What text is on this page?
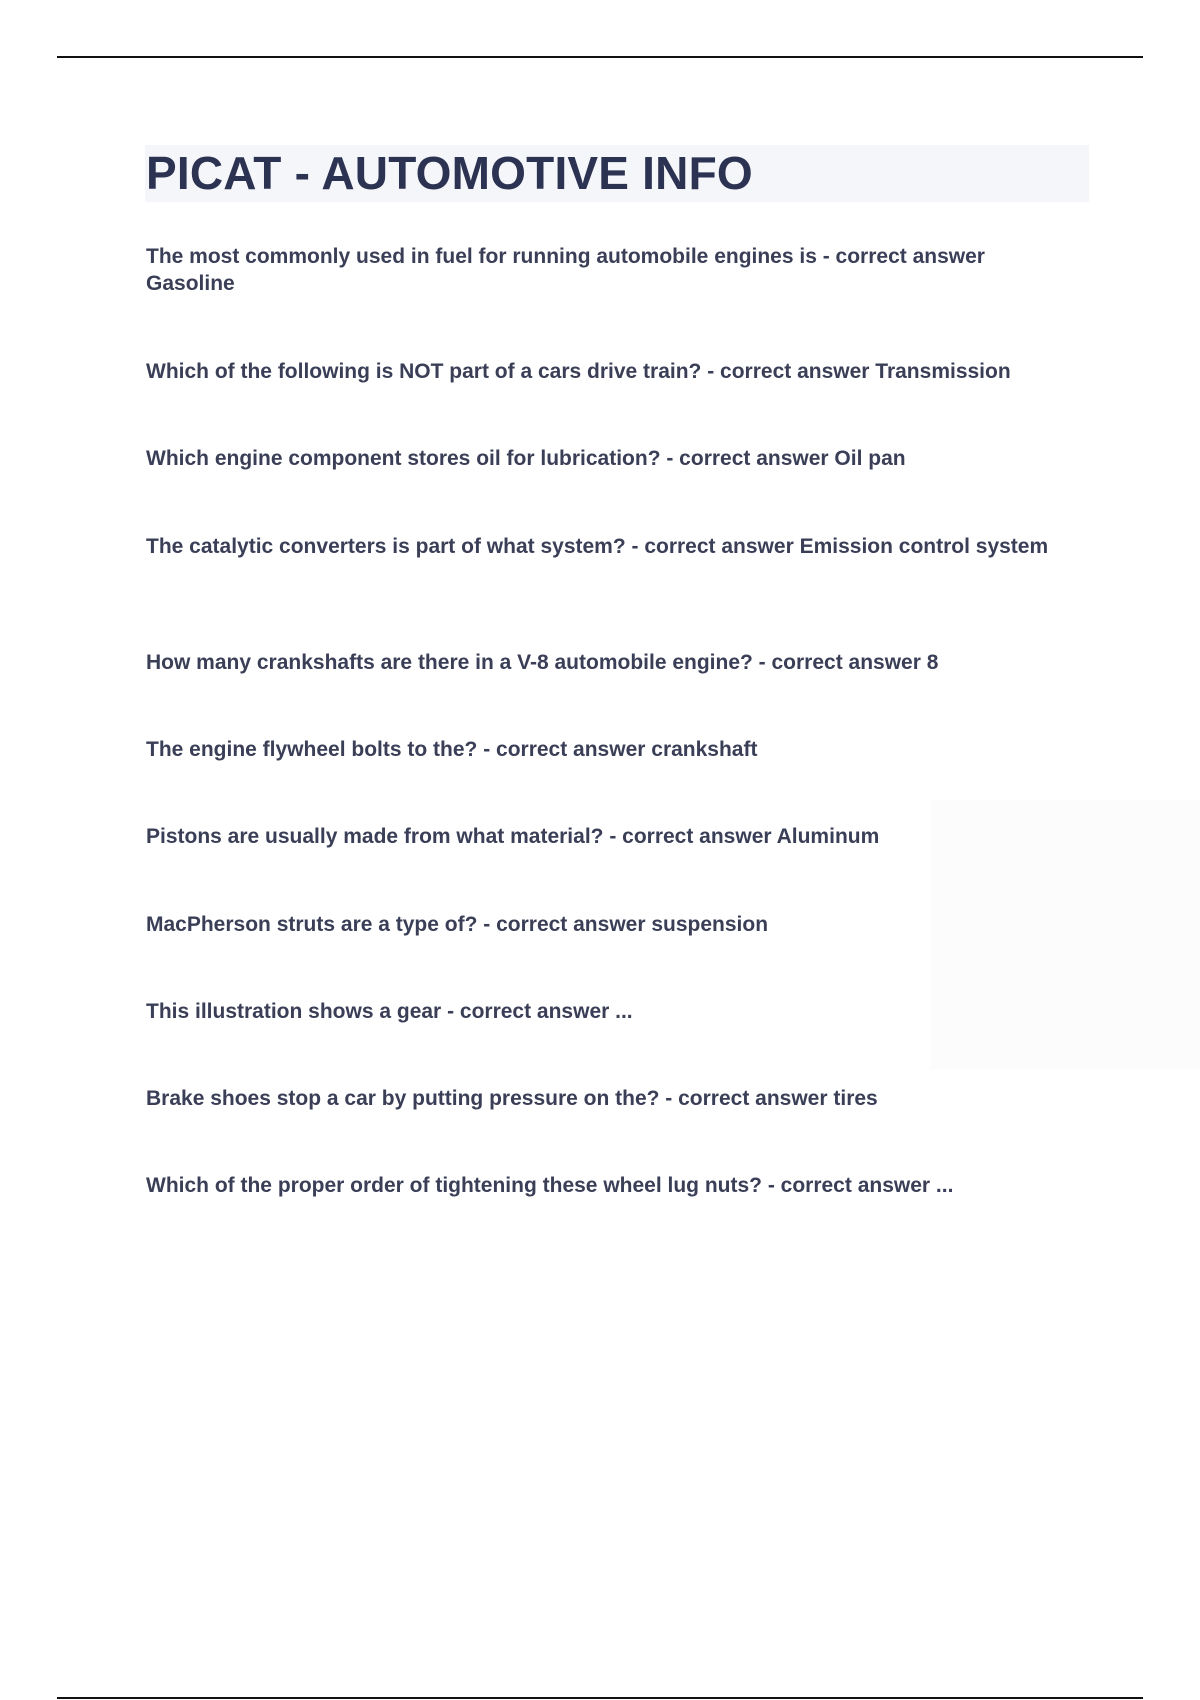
PICAT - AUTOMOTIVE INFO

The most commonly used in fuel for running automobile engines is - correct answer Gasoline

Which of the following is NOT part of a cars drive train? - correct answer Transmission

Which engine component stores oil for lubrication? - correct answer Oil pan

The catalytic converters is part of what system? - correct answer Emission control system

How many crankshafts are there in a V-8 automobile engine? - correct answer 8

The engine flywheel bolts to the? - correct answer crankshaft

Pistons are usually made from what material? - correct answer Aluminum

MacPherson struts are a type of? - correct answer suspension

This illustration shows a gear - correct answer ...

Brake shoes stop a car by putting pressure on the? - correct answer tires

Which of the proper order of tightening these wheel lug nuts? - correct answer ...
